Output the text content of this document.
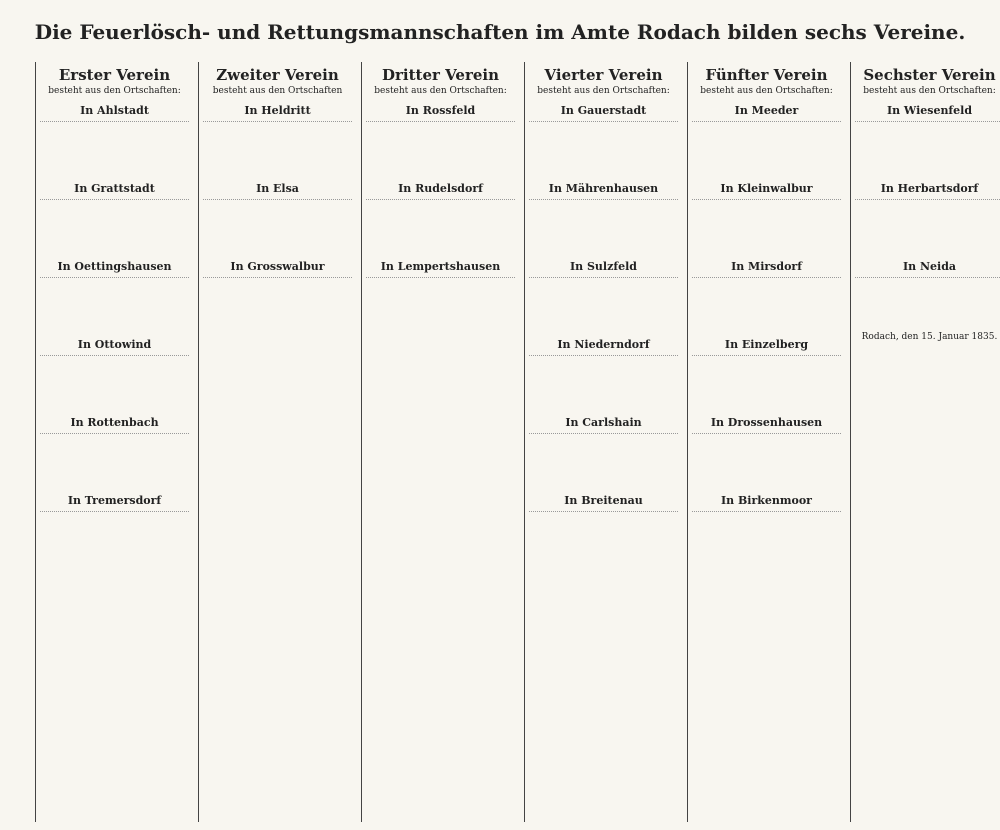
Die Feuerlösch- und Rettungsmannschaften im Amte Rodach bilden sechs Vereine.
Erster Verein
besteht aus den Ortschaften:
In Ahlstadt
In Grattstadt
In Oettingshausen
In Ottowind
In Rottenbach
In Tremersdorf
Zweiter Verein
besteht aus den Ortschaften
In Heldritt
In Elsa
In Grosswalbur
Dritter Verein
besteht aus den Ortschaften:
In Rossfeld
In Rudelsdorf
In Lempertshausen
Vierter Verein
besteht aus den Ortschaften:
In Gauerstadt
In Mährenhausen
In Sulzfeld
In Niederndorf
In Carlshain
In Breitenau
Fünfter Verein
besteht aus den Ortschaften:
In Meeder
In Kleinwalbur
In Mirsdorf
In Einzelberg
In Drossenhausen
In Birkenmoor
Sechster Verein
besteht aus den Ortschaften:
In Wiesenfeld
In Herbartsdorf
In Neida
Rodach, den 15. Januar 1835.
